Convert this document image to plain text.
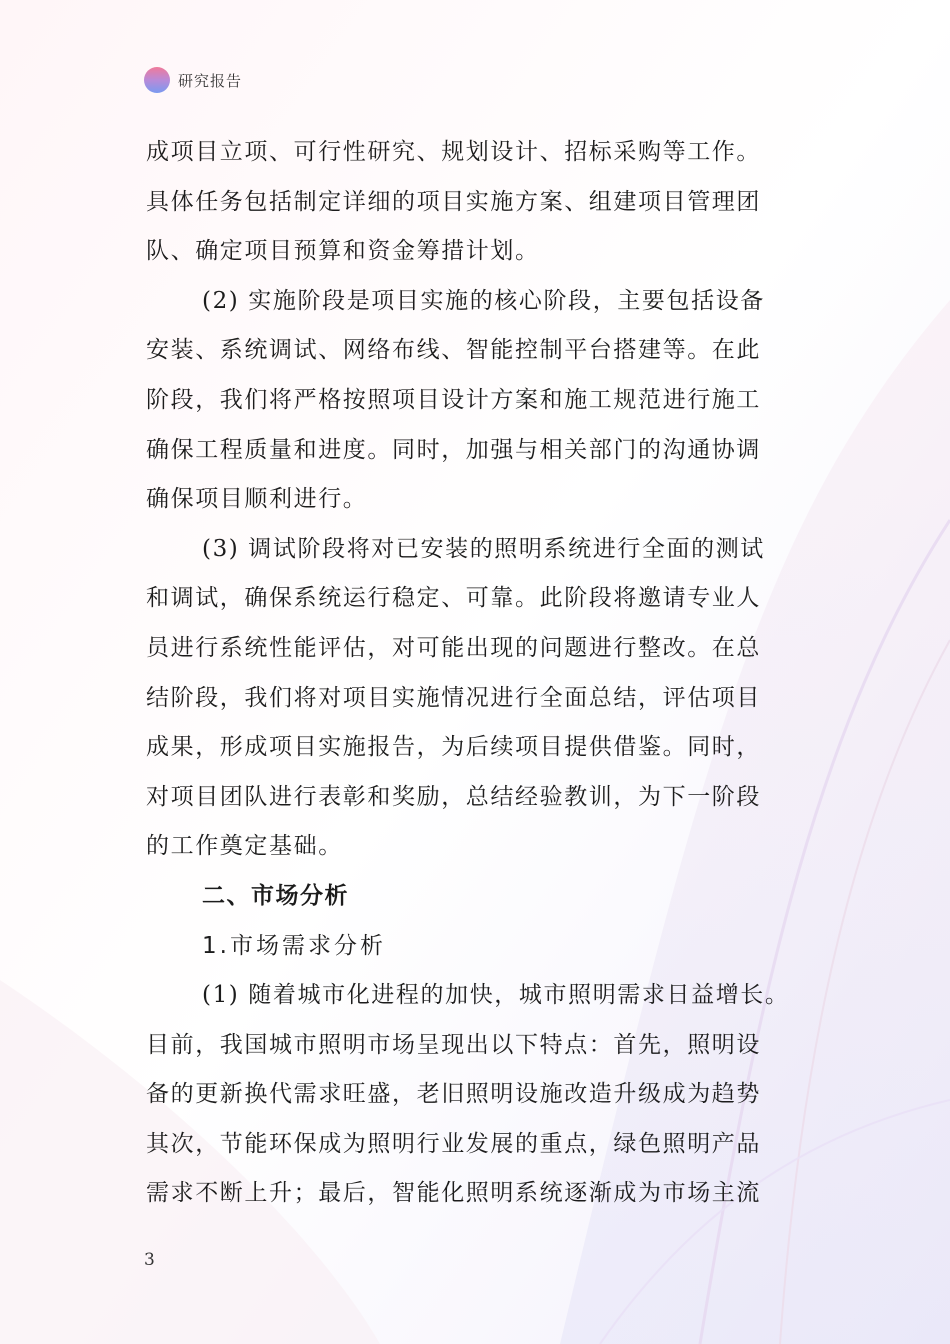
研究报告
成项目立项、可行性研究、规划设计、招标采购等工作。
具体任务包括制定详细的项目实施方案、组建项目管理团
队、确定项目预算和资金筹措计划。
(2) 实施阶段是项目实施的核心阶段，主要包括设备
安装、系统调试、网络布线、智能控制平台搭建等。在此
阶段，我们将严格按照项目设计方案和施工规范进行施工
确保工程质量和进度。同时，加强与相关部门的沟通协调
确保项目顺利进行。
(3) 调试阶段将对已安装的照明系统进行全面的测试
和调试，确保系统运行稳定、可靠。此阶段将邀请专业人
员进行系统性能评估，对可能出现的问题进行整改。在总
结阶段，我们将对项目实施情况进行全面总结，评估项目
成果，形成项目实施报告，为后续项目提供借鉴。同时，
对项目团队进行表彰和奖励，总结经验教训，为下一阶段
的工作奠定基础。
二、市场分析
1.市场需求分析
(1) 随着城市化进程的加快，城市照明需求日益增长。
目前，我国城市照明市场呈现出以下特点：首先，照明设
备的更新换代需求旺盛，老旧照明设施改造升级成为趋势
其次，节能环保成为照明行业发展的重点，绿色照明产品
需求不断上升；最后，智能化照明系统逐渐成为市场主流
3
